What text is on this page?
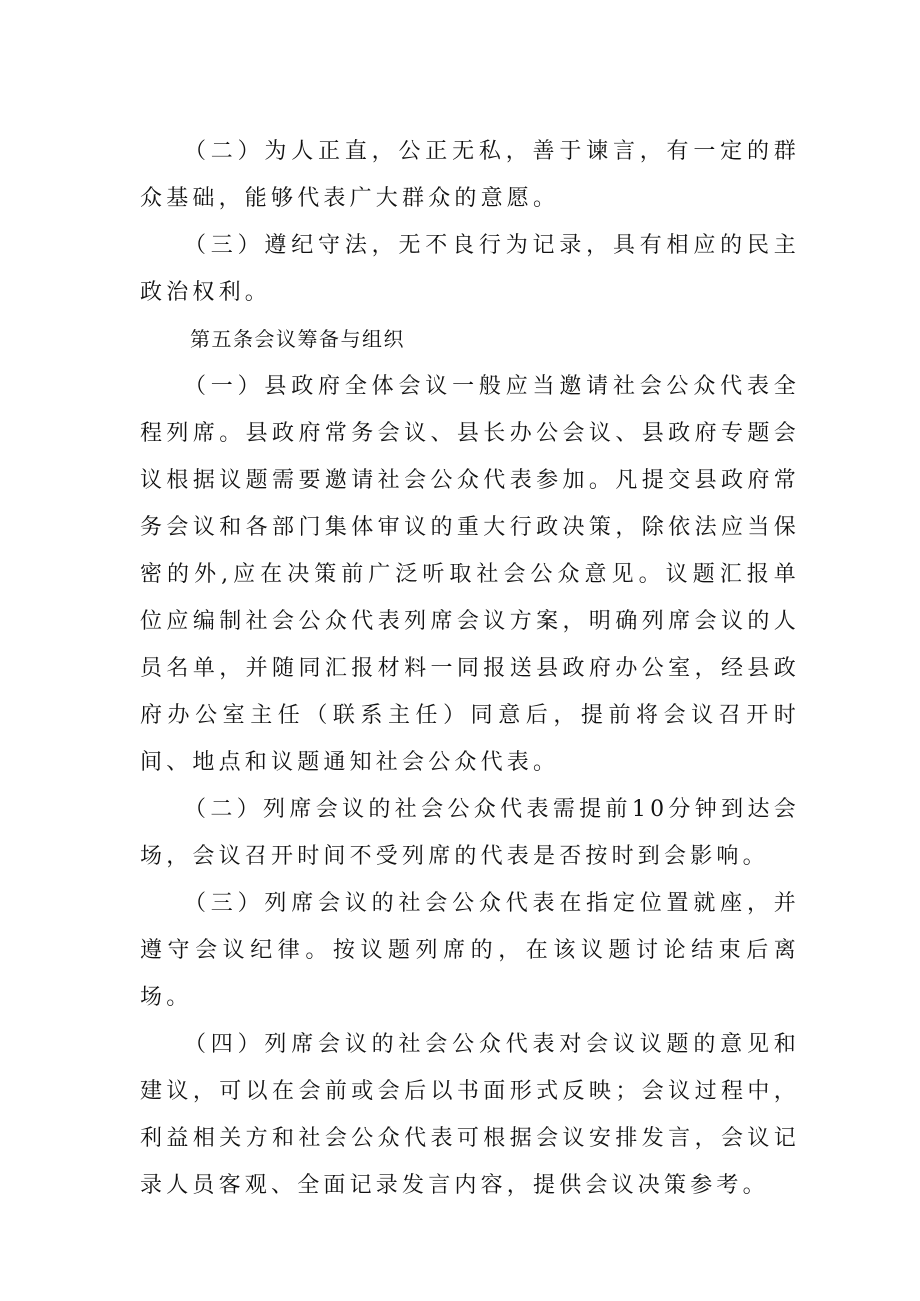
（二）为人正直，公正无私，善于谏言，有一定的群众基础，能够代表广大群众的意愿。

（三）遵纪守法，无不良行为记录，具有相应的民主政治权利。

第五条会议筹备与组织

（一）县政府全体会议一般应当邀请社会公众代表全程列席。县政府常务会议、县长办公会议、县政府专题会议根据议题需要邀请社会公众代表参加。凡提交县政府常务会议和各部门集体审议的重大行政决策，除依法应当保密的外,应在决策前广泛听取社会公众意见。议题汇报单位应编制社会公众代表列席会议方案，明确列席会议的人员名单，并随同汇报材料一同报送县政府办公室，经县政府办公室主任（联系主任）同意后，提前将会议召开时间、地点和议题通知社会公众代表。

（二）列席会议的社会公众代表需提前10分钟到达会场，会议召开时间不受列席的代表是否按时到会影响。

（三）列席会议的社会公众代表在指定位置就座，并遵守会议纪律。按议题列席的，在该议题讨论结束后离场。

（四）列席会议的社会公众代表对会议议题的意见和建议，可以在会前或会后以书面形式反映；会议过程中，利益相关方和社会公众代表可根据会议安排发言，会议记录人员客观、全面记录发言内容，提供会议决策参考。
